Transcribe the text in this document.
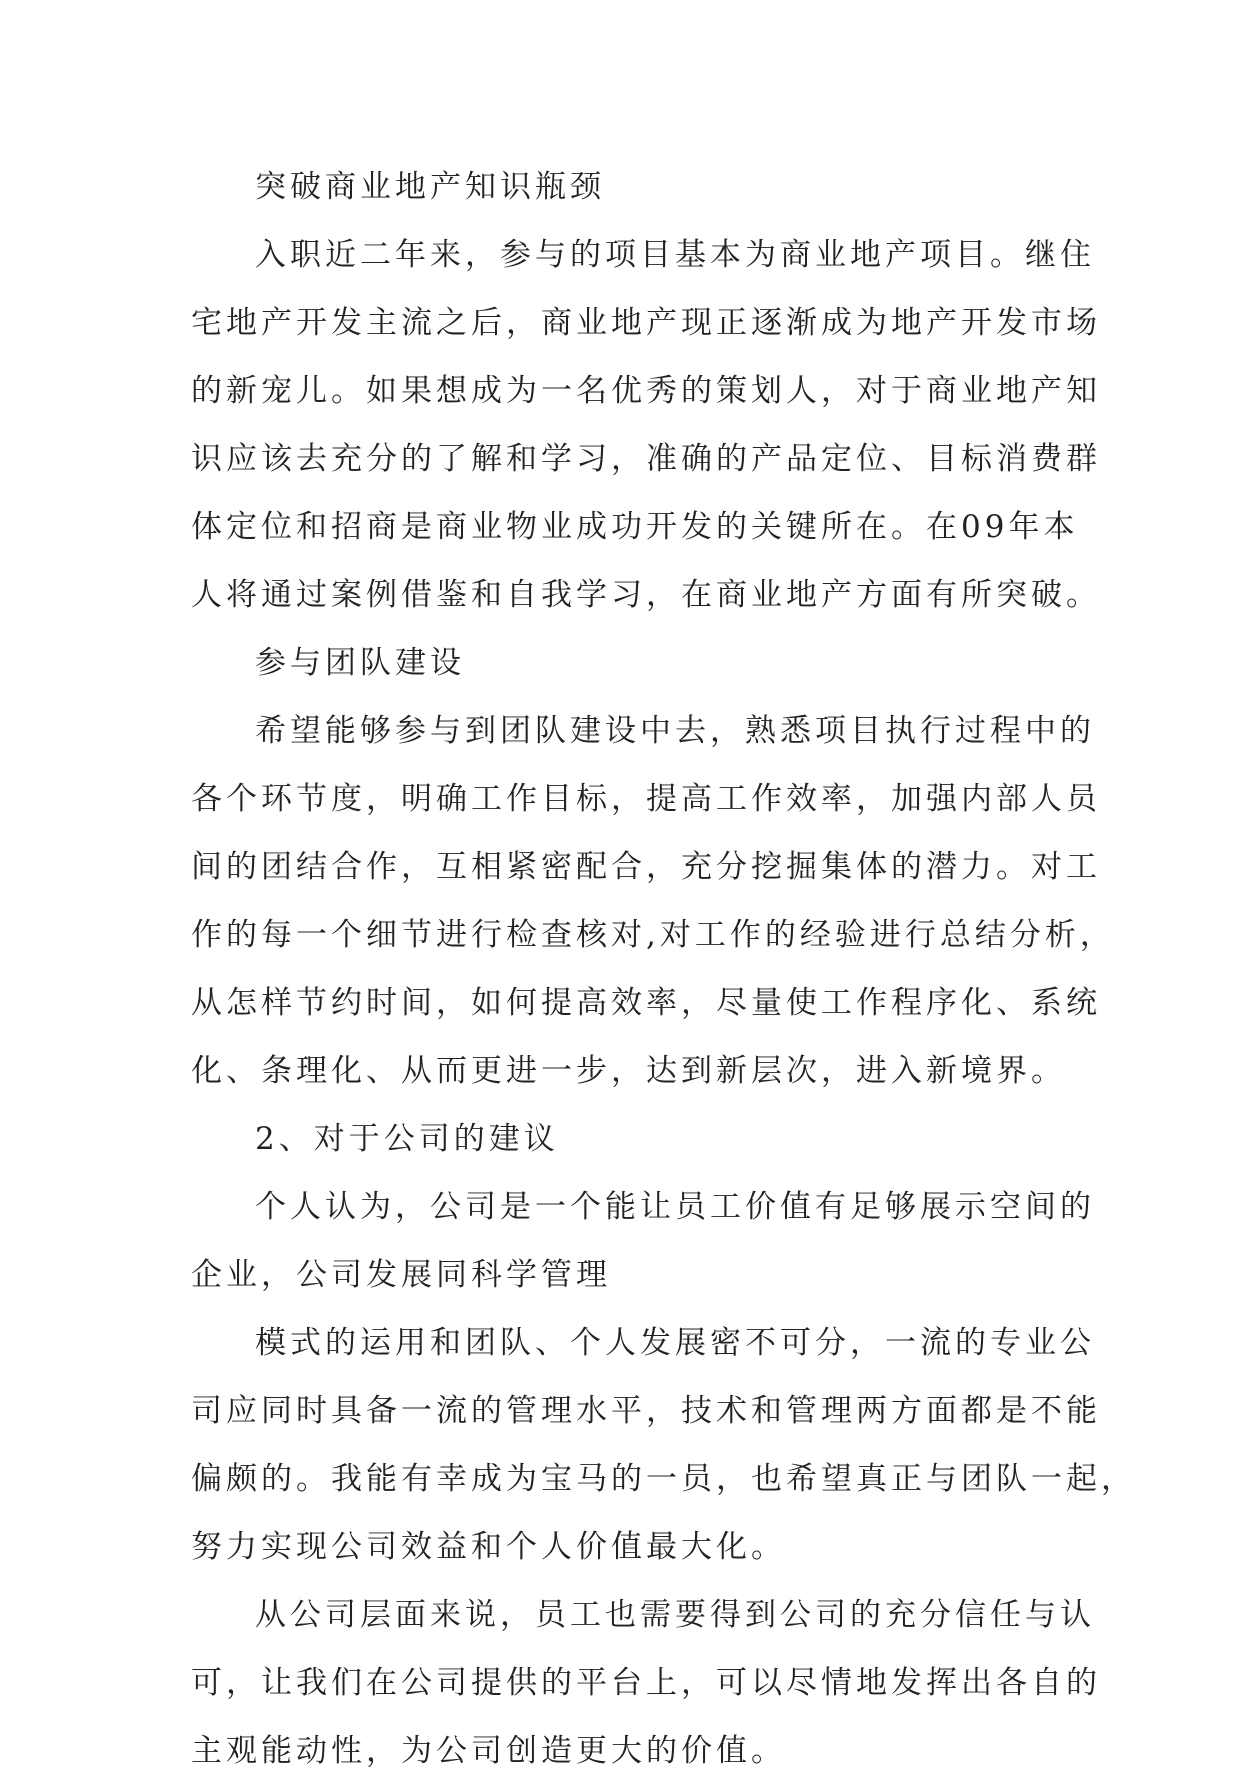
突破商业地产知识瓶颈
入职近二年来，参与的项目基本为商业地产项目。继住
宅地产开发主流之后，商业地产现正逐渐成为地产开发市场
的新宠儿。如果想成为一名优秀的策划人，对于商业地产知
识应该去充分的了解和学习，准确的产品定位、目标消费群
体定位和招商是商业物业成功开发的关键所在。在09年本
人将通过案例借鉴和自我学习，在商业地产方面有所突破。
参与团队建设
希望能够参与到团队建设中去，熟悉项目执行过程中的
各个环节度，明确工作目标，提高工作效率，加强内部人员
间的团结合作，互相紧密配合，充分挖掘集体的潜力。对工
作的每一个细节进行检查核对,对工作的经验进行总结分析，
从怎样节约时间，如何提高效率，尽量使工作程序化、系统
化、条理化、从而更进一步，达到新层次，进入新境界。
2、对于公司的建议
个人认为，公司是一个能让员工价值有足够展示空间的
企业，公司发展同科学管理
模式的运用和团队、个人发展密不可分，一流的专业公
司应同时具备一流的管理水平，技术和管理两方面都是不能
偏颇的。我能有幸成为宝马的一员，也希望真正与团队一起，
努力实现公司效益和个人价值最大化。
从公司层面来说，员工也需要得到公司的充分信任与认
可，让我们在公司提供的平台上，可以尽情地发挥出各自的
主观能动性，为公司创造更大的价值。
